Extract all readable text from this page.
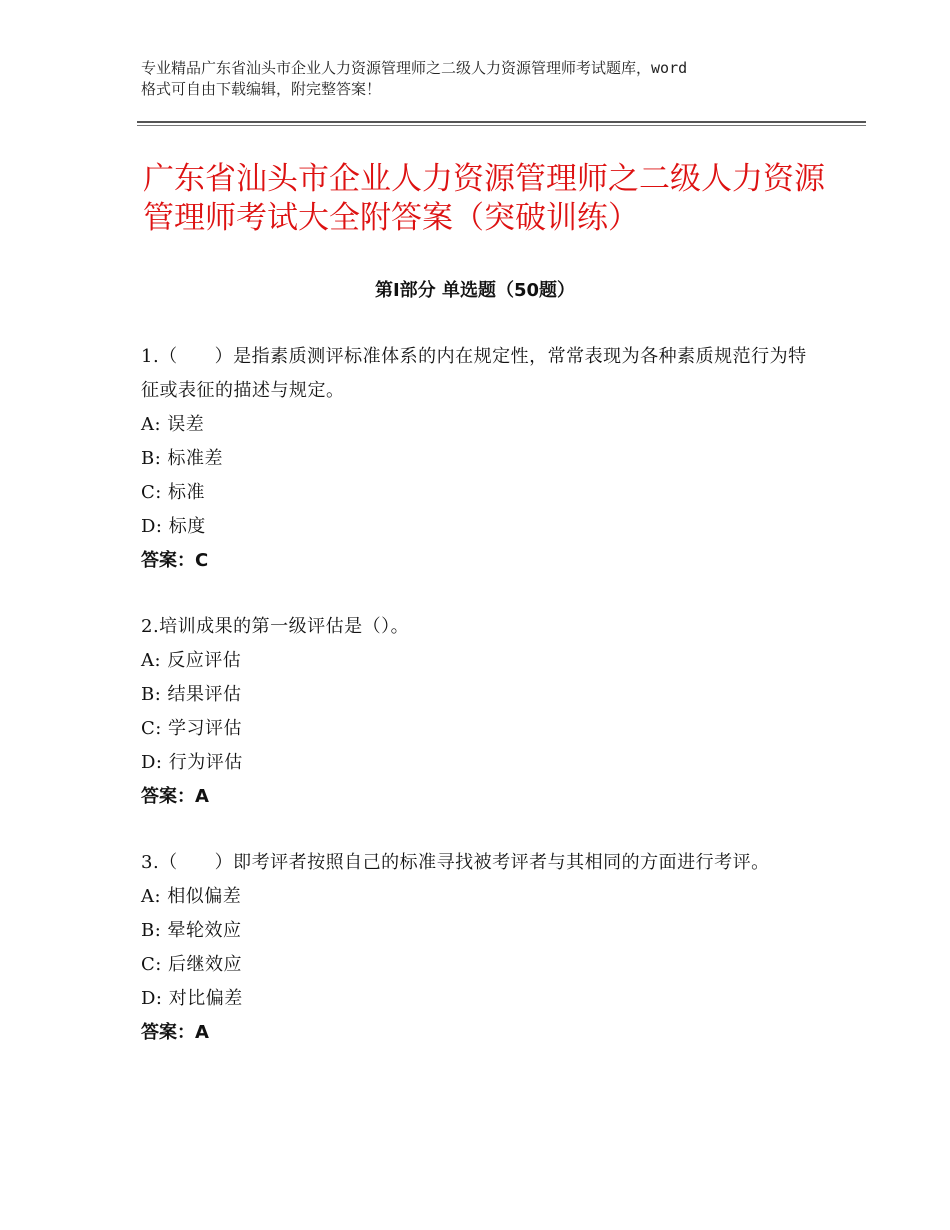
专业精品广东省汕头市企业人力资源管理师之二级人力资源管理师考试题库，word
格式可自由下载编辑，附完整答案！
广东省汕头市企业人力资源管理师之二级人力资源管理师考试大全附答案（突破训练）
第Ⅰ部分 单选题（50题）
1.（　　）是指素质测评标准体系的内在规定性，常常表现为各种素质规范行为特征或表征的描述与规定。
A: 误差
B: 标准差
C: 标准
D: 标度
答案：C
2.培训成果的第一级评估是（）。
A: 反应评估
B: 结果评估
C: 学习评估
D: 行为评估
答案：A
3.（　　）即考评者按照自己的标准寻找被考评者与其相同的方面进行考评。
A: 相似偏差
B: 晕轮效应
C: 后继效应
D: 对比偏差
答案：A
